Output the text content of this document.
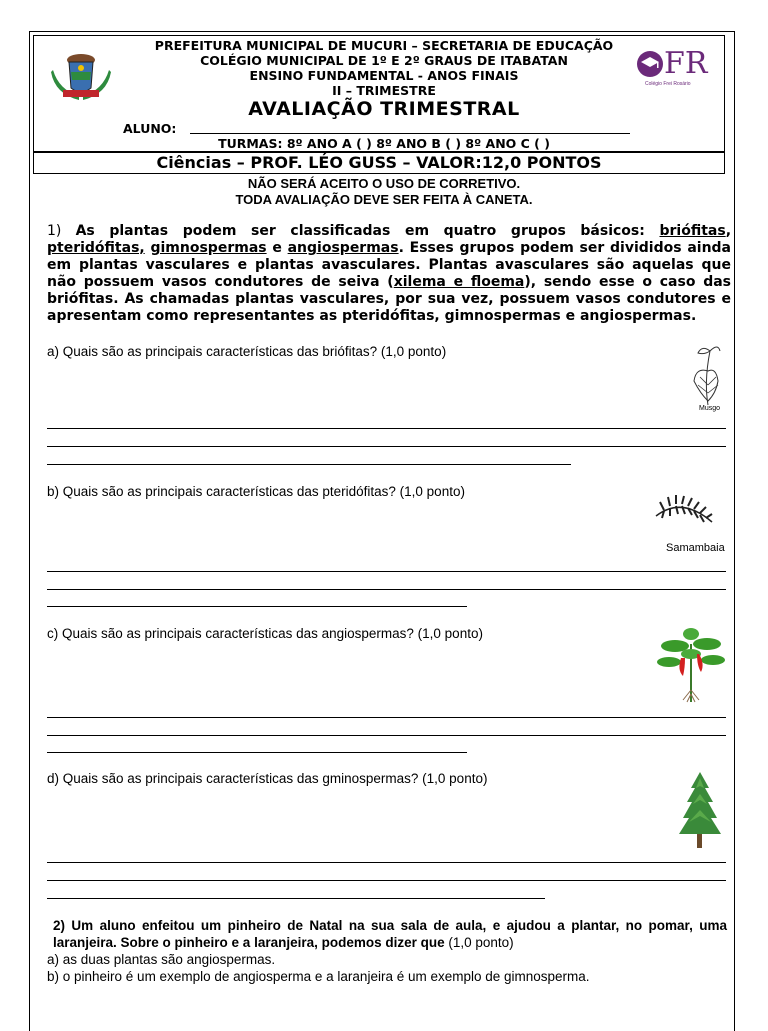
FR
Colégio Frei Rosário
PREFEITURA MUNICIPAL DE MUCURI – SECRETARIA DE EDUCAÇÃO
COLÉGIO MUNICIPAL DE 1º E 2º GRAUS DE ITABATAN
ENSINO FUNDAMENTAL - ANOS FINAIS
II – TRIMESTRE
AVALIAÇÃO TRIMESTRAL
ALUNO:
TURMAS: 8º ANO A ( ) 8º ANO B ( ) 8º ANO C ( )
Ciências – PROF. LÉO GUSS – VALOR:12,0 PONTOS
NÃO SERÁ ACEITO O USO DE CORRETIVO.
TODA AVALIAÇÃO DEVE SER FEITA À CANETA.
1) As plantas podem ser classificadas em quatro grupos básicos: briófitas, pteridófitas, gimnospermas e angiospermas. Esses grupos podem ser divididos ainda em plantas vasculares e plantas avasculares. Plantas avasculares são aquelas que não possuem vasos condutores de seiva (xilema e floema), sendo esse o caso das briófitas. As chamadas plantas vasculares, por sua vez, possuem vasos condutores e apresentam como representantes as pteridófitas, gimnospermas e angiospermas.
a) Quais são as principais características das briófitas? (1,0 ponto)
Musgo
b) Quais são as principais características das pteridófitas? (1,0 ponto)
Samambaia
c) Quais são as principais características das angiospermas? (1,0 ponto)
d) Quais são as principais características das gminospermas? (1,0 ponto)
2) Um aluno enfeitou um pinheiro de Natal na sua sala de aula, e ajudou a plantar, no pomar, uma laranjeira. Sobre o pinheiro e a laranjeira, podemos dizer que (1,0 ponto)
a) as duas plantas são angiospermas.
b) o pinheiro é um exemplo de angiosperma e a laranjeira é um exemplo de gimnosperma.
